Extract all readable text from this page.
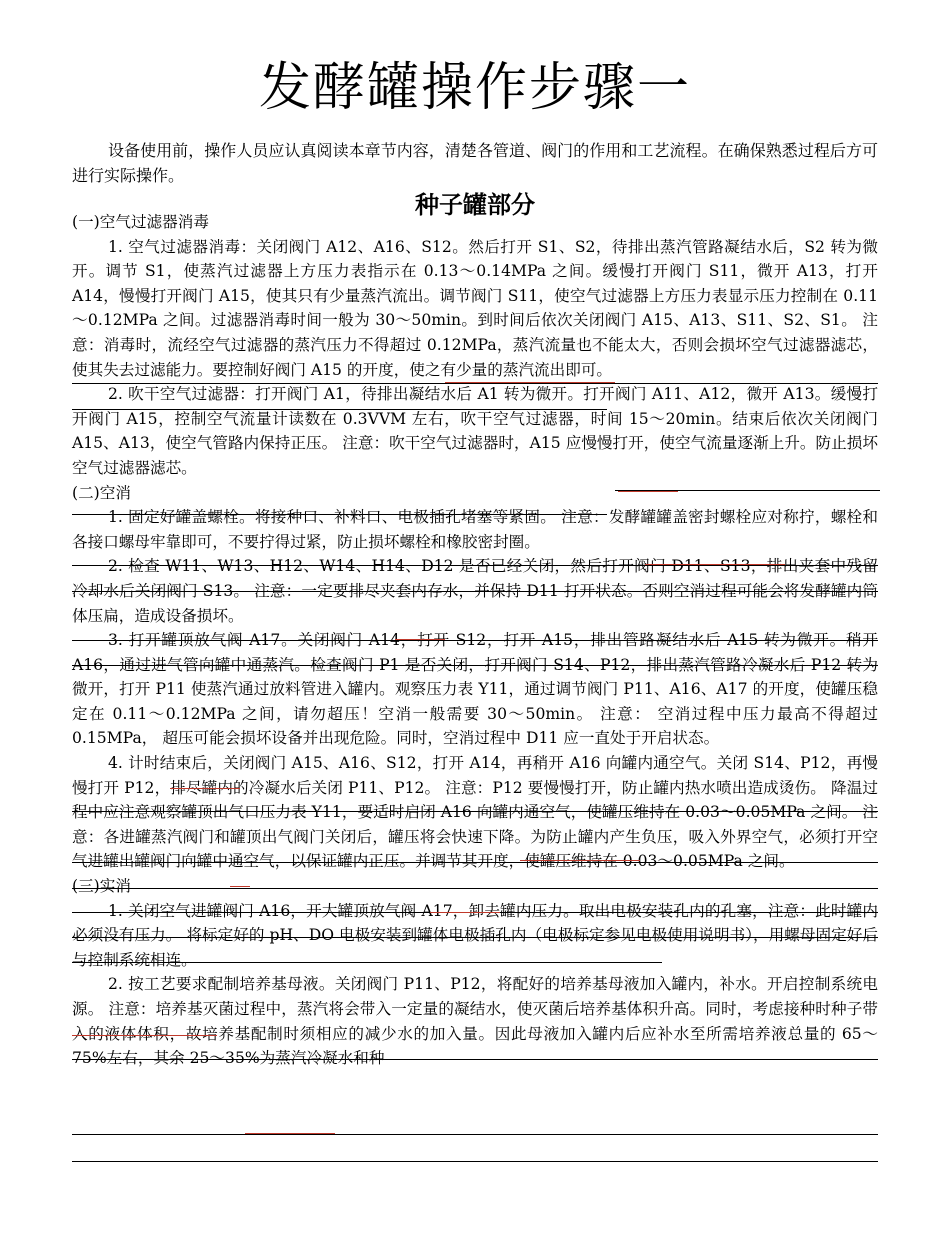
发酵罐操作步骤一

设备使用前，操作人员应认真阅读本章节内容，清楚各管道、阀门的作用和工艺流程。在确保熟悉过程后方可进行实际操作。

种子罐部分

(一)空气过滤器消毒

1. 空气过滤器消毒：关闭阀门 A12、A16、S12。然后打开 S1、S2，待排出蒸汽管路凝结水后，S2 转为微开。调节 S1，使蒸汽过滤器上方压力表指示在 0.13～0.14MPa 之间。缓慢打开阀门 S11，微开 A13，打开 A14，慢慢打开阀门 A15，使其只有少量蒸汽流出。调节阀门 S11，使空气过滤器上方压力表显示压力控制在 0.11～0.12MPa 之间。过滤器消毒时间一般为 30～50min。到时间后依次关闭阀门 A15、A13、S11、S2、S1。 注意：消毒时，流经空气过滤器的蒸汽压力不得超过 0.12MPa，蒸汽流量也不能太大，否则会损坏空气过滤器滤芯，使其失去过滤能力。要控制好阀门 A15 的开度，使之有少量的蒸汽流出即可。

2. 吹干空气过滤器：打开阀门 A1，待排出凝结水后 A1 转为微开。打开阀门 A11、A12，微开 A13。缓慢打开阀门 A15，控制空气流量计读数在 0.3VVM 左右，吹干空气过滤器，时间 15～20min。结束后依次关闭阀门 A15、A13，使空气管路内保持正压。 注意：吹干空气过滤器时，A15 应慢慢打开，使空气流量逐渐上升。防止损坏空气过滤器滤芯。

(二)空消

1. 固定好罐盖螺栓。将接种口、补料口、电极插孔堵塞等紧固。 注意：发酵罐罐盖密封螺栓应对称拧，螺栓和各接口螺母牢靠即可，不要拧得过紧，防止损坏螺栓和橡胶密封圈。

2. 检查 W11、W13、H12、W14、H14、D12 是否已经关闭，然后打开阀门 D11、S13，排出夹套中残留冷却水后关闭阀门 S13。 注意：一定要排尽夹套内存水，并保持 D11 打开状态。否则空消过程可能会将发酵罐内筒体压扁，造成设备损坏。

3. 打开罐顶放气阀 A17。关闭阀门 A14，打开 S12，打开 A15，排出管路凝结水后 A15 转为微开。稍开 A16，通过进气管向罐中通蒸汽。检查阀门 P1 是否关闭，打开阀门 S14、P12，排出蒸汽管路冷凝水后 P12 转为微开，打开 P11 使蒸汽通过放料管进入罐内。观察压力表 Y11，通过调节阀门 P11、A16、A17 的开度，使罐压稳定在 0.11～0.12MPa 之间，请勿超压！空消一般需要 30～50min。 注意： 空消过程中压力最高不得超过 0.15MPa， 超压可能会损坏设备并出现危险。同时，空消过程中 D11 应一直处于开启状态。

4. 计时结束后，关闭阀门 A15、A16、S12，打开 A14，再稍开 A16 向罐内通空气。关闭 S14、P12，再慢慢打开 P12，排尽罐内的冷凝水后关闭 P11、P12。 注意：P12 要慢慢打开，防止罐内热水喷出造成烫伤。 降温过程中应注意观察罐顶出气口压力表 Y11，要适时启闭 A16 向罐内通空气，使罐压维持在 0.03～0.05MPa 之间。 注意：各进罐蒸汽阀门和罐顶出气阀门关闭后，罐压将会快速下降。为防止罐内产生负压，吸入外界空气，必须打开空气进罐出罐阀门向罐中通空气，以保证罐内正压。并调节其开度，使罐压维持在 0.03～0.05MPa 之间。

(三)实消

1. 关闭空气进罐阀门 A16，开大罐顶放气阀 A17，卸去罐内压力。取出电极安装孔内的孔塞，注意：此时罐内必须没有压力。 将标定好的 pH、DO 电极安装到罐体电极插孔内（电极标定参见电极使用说明书），用螺母固定好后与控制系统相连。

2. 按工艺要求配制培养基母液。关闭阀门 P11、P12，将配好的培养基母液加入罐内，补水。开启控制系统电源。 注意：培养基灭菌过程中，蒸汽将会带入一定量的凝结水，使灭菌后培养基体积升高。同时，考虑接种时种子带入的液体体积，故培养基配制时须相应的减少水的加入量。因此母液加入罐内后应补水至所需培养液总量的 65～75%左右，其余 25～35%为蒸汽冷凝水和种
